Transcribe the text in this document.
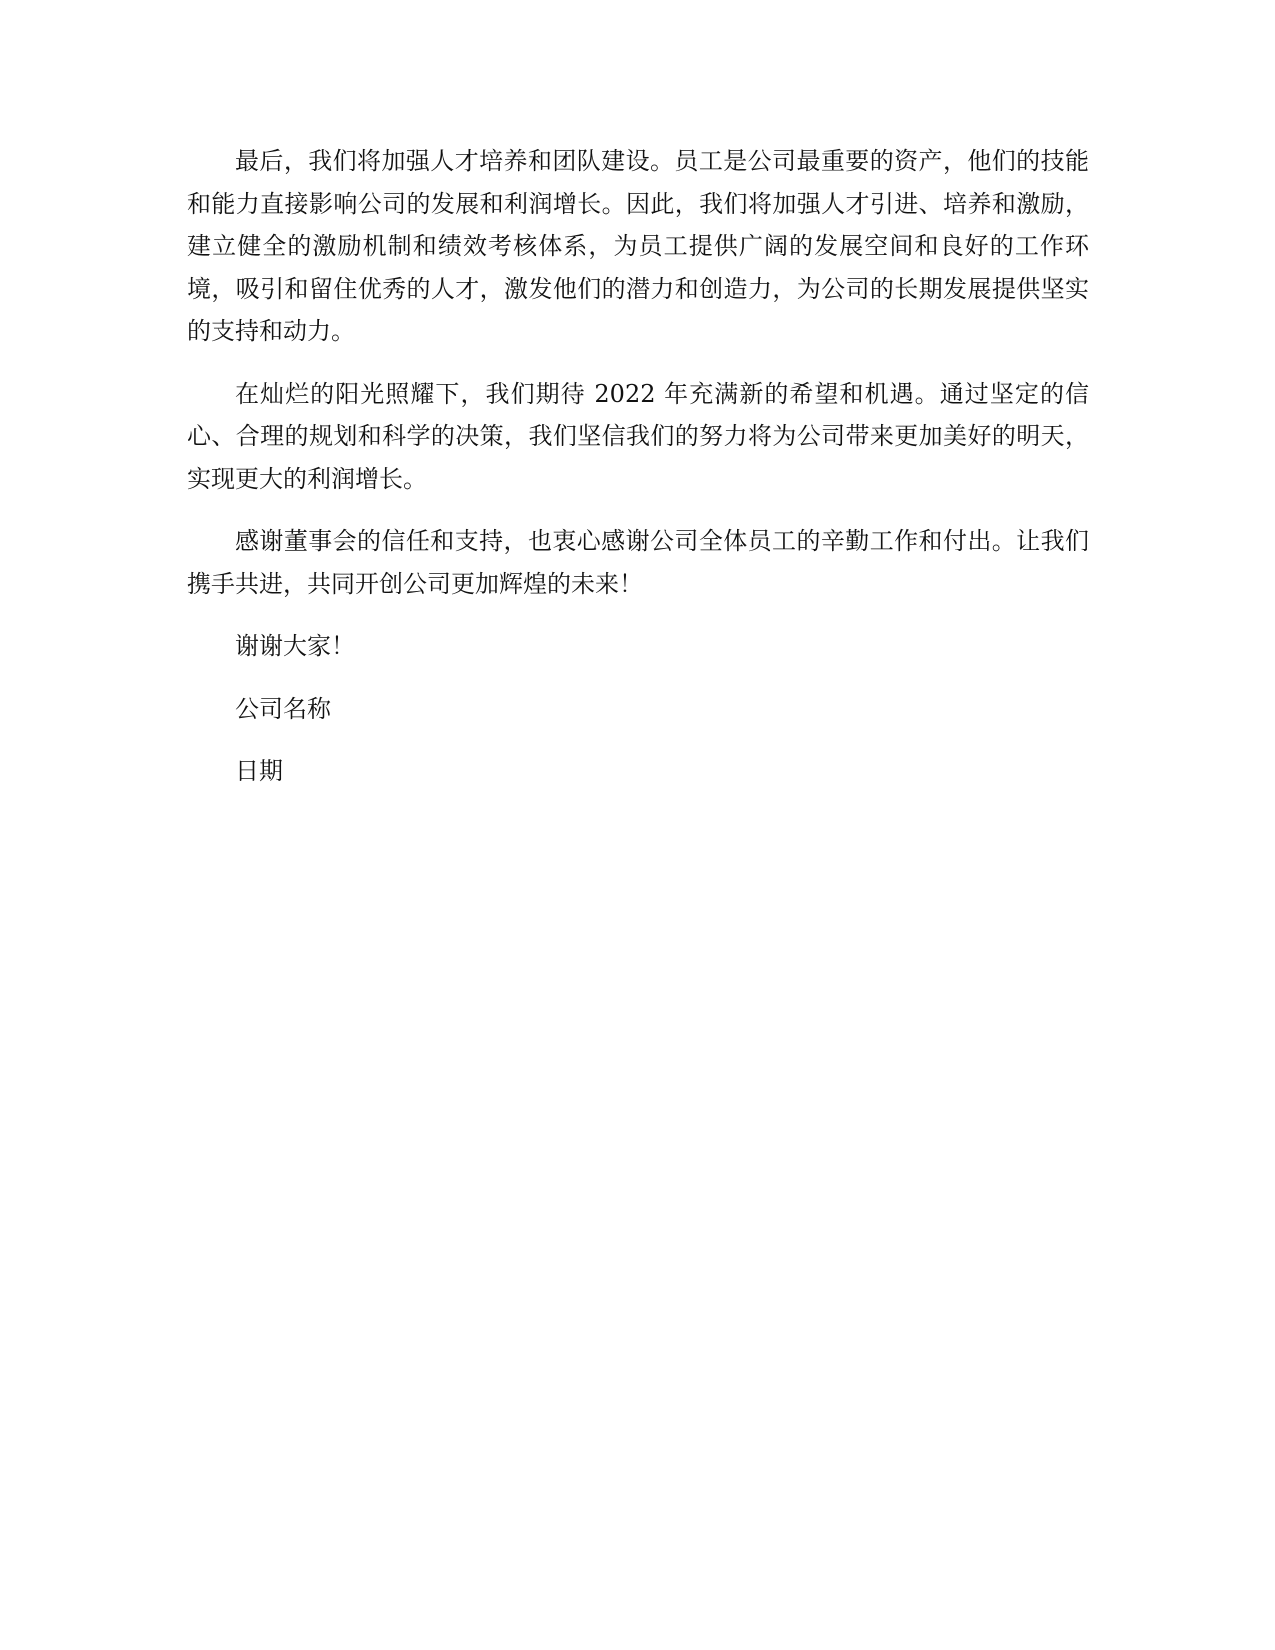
最后，我们将加强人才培养和团队建设。员工是公司最重要的资产，他们的技能和能力直接影响公司的发展和利润增长。因此，我们将加强人才引进、培养和激励，建立健全的激励机制和绩效考核体系，为员工提供广阔的发展空间和良好的工作环境，吸引和留住优秀的人才，激发他们的潜力和创造力，为公司的长期发展提供坚实的支持和动力。

在灿烂的阳光照耀下，我们期待 2022 年充满新的希望和机遇。通过坚定的信心、合理的规划和科学的决策，我们坚信我们的努力将为公司带来更加美好的明天，实现更大的利润增长。

感谢董事会的信任和支持，也衷心感谢公司全体员工的辛勤工作和付出。让我们携手共进，共同开创公司更加辉煌的未来！

谢谢大家！

公司名称

日期
